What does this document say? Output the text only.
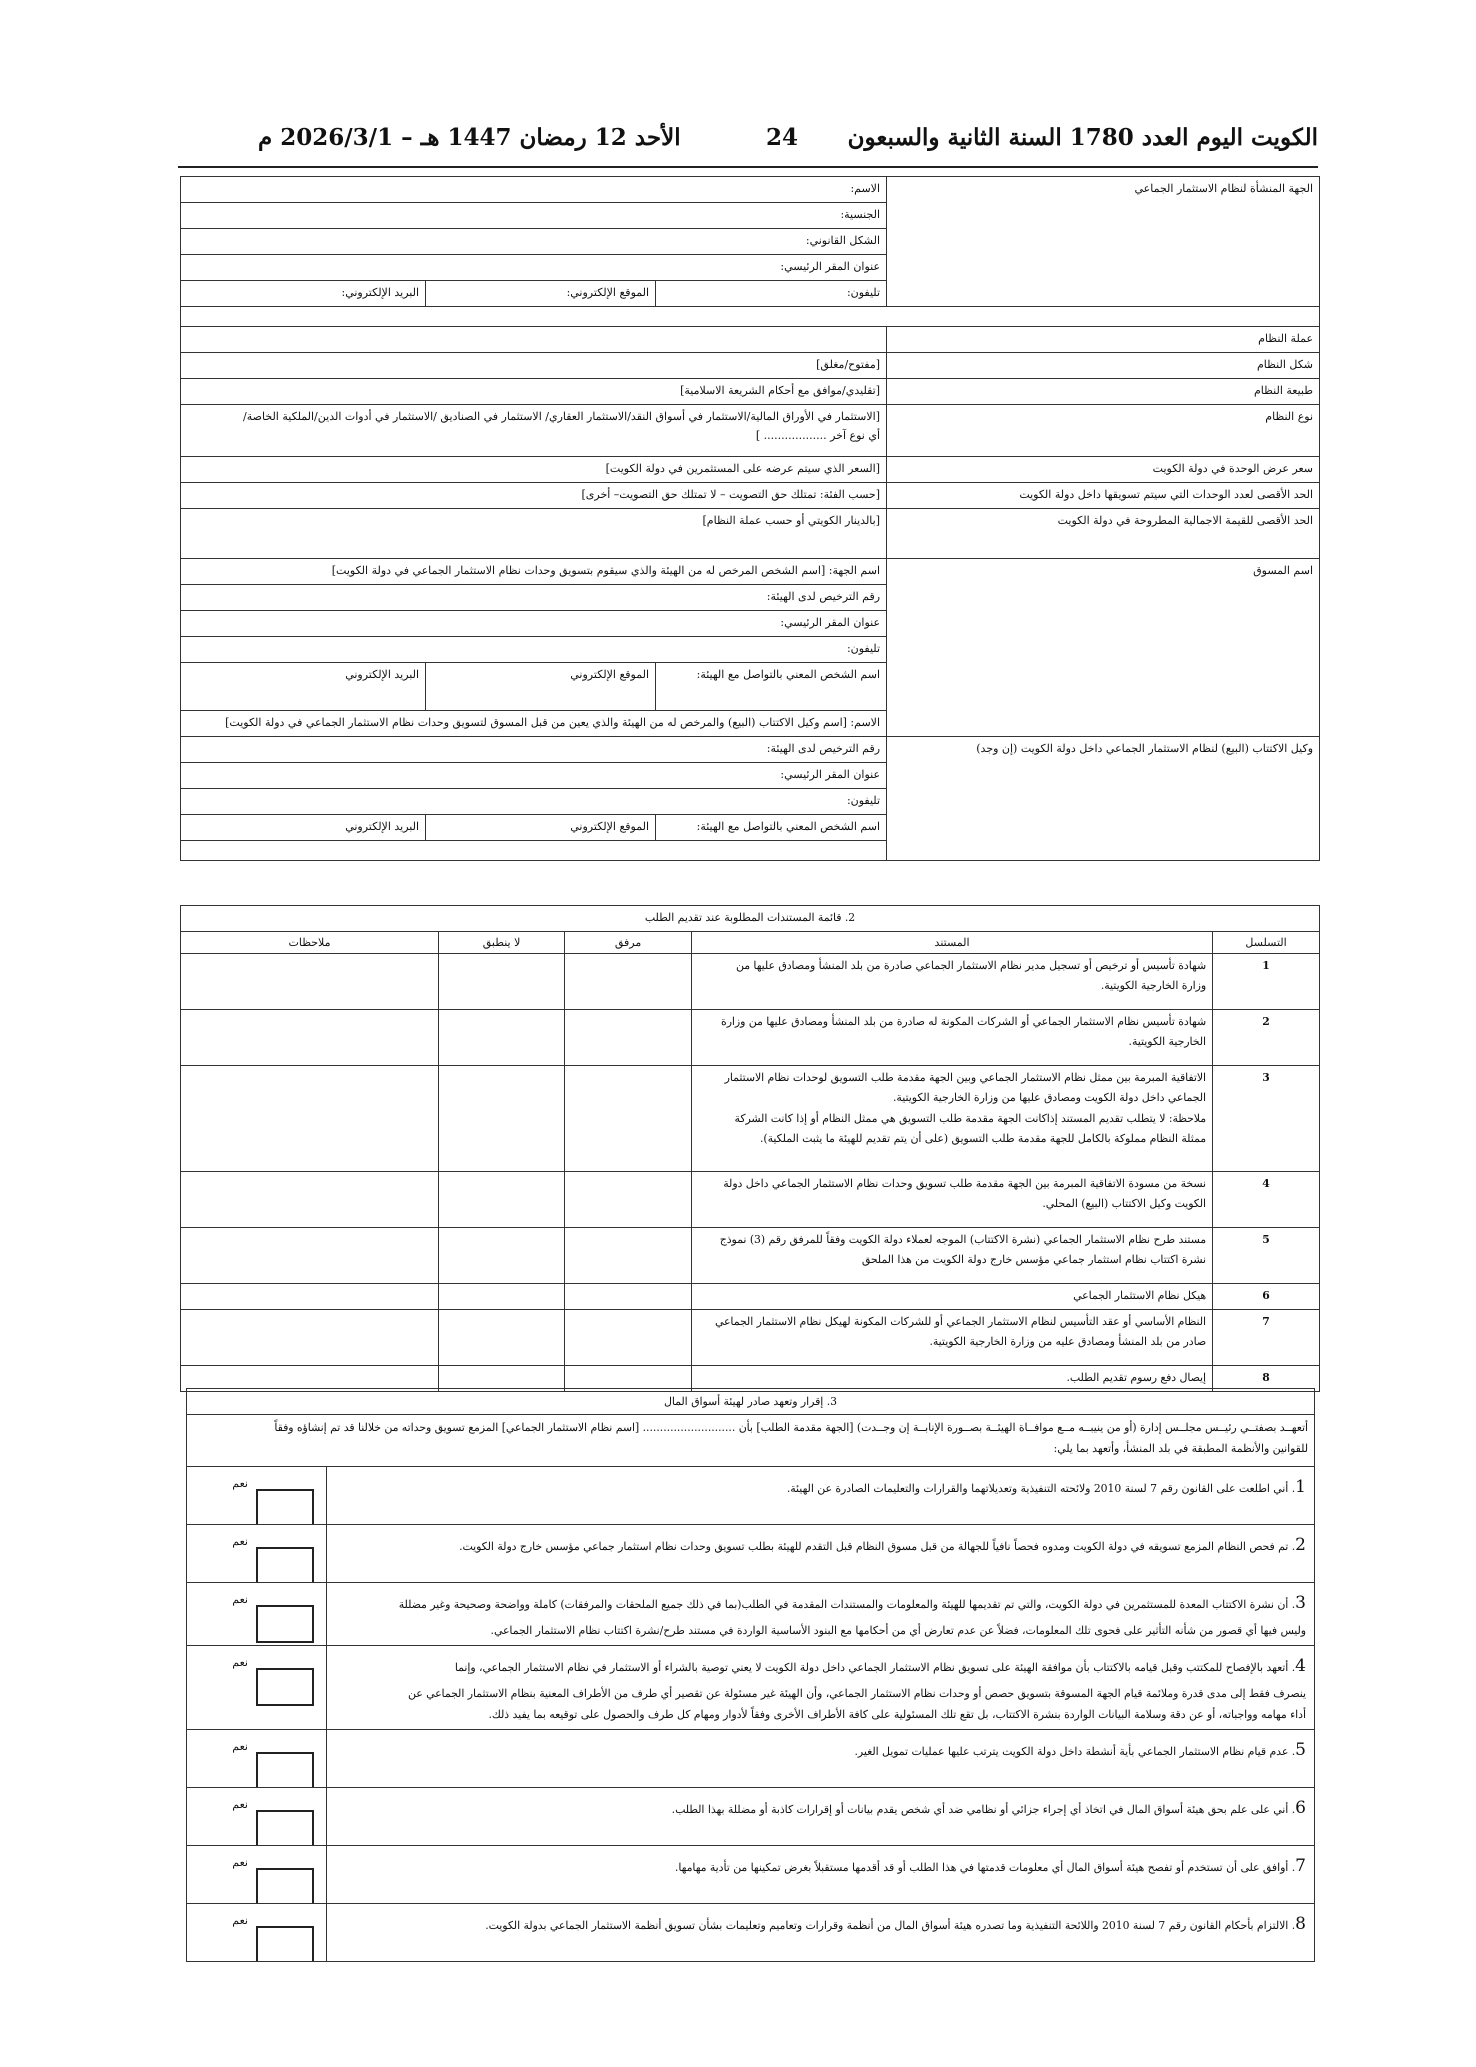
الكويت اليوم العدد 1780 السنة الثانية والسبعون
24
الأحد 12 رمضان 1447 هـ – 2026/3/1 م
الجهة المنشأة لنظام الاستثمار الجماعي	الاسم:		
	الجنسية:		
	الشكل القانوني:		
	عنوان المقر الرئيسي:		
	تليفون:	الموقع الإلكتروني:	البريد الإلكتروني:

عملة النظام			
شكل النظام	[مفتوح/مغلق]		
طبيعة النظام	[تقليدي/موافق مع أحكام الشريعة الاسلامية]		
نوع النظام	[الاستثمار في الأوراق المالية/الاستثمار في أسواق النقد/الاستثمار العقاري/ الاستثمار في الصناديق /الاستثمار في أدوات الدين/الملكية الخاصة/
أي نوع آخر .................. ]		

سعر عرض الوحدة في دولة الكويت	[السعر الذي سيتم عرضه على المستثمرين في دولة الكويت]		
الحد الأقصى لعدد الوحدات التي سيتم تسويقها داخل دولة الكويت	[حسب الفئة: تمتلك حق التصويت – لا تمتلك حق التصويت– أخرى]		
الحد الأقصى للقيمة الاجمالية المطروحة في دولة الكويت	[بالدينار الكويتي أو حسب عملة النظام]		
اسم المسوق	اسم الجهة: [اسم الشخص المرخص له من الهيئة والذي سيقوم بتسويق وحدات نظام الاستثمار الجماعي في دولة الكويت]		
	رقم الترخيص لدى الهيئة:		
	عنوان المقر الرئيسي:		
	تليفون:		
	اسم الشخص المعني بالتواصل مع الهيئة:	الموقع الإلكتروني	البريد الإلكتروني
	الاسم: [اسم وكيل الاكتتاب (البيع) والمرخص له من الهيئة والذي يعين من قبل المسوق لتسويق وحدات نظام الاستثمار الجماعي في دولة الكويت]		
وكيل الاكتتاب (البيع) لنظام الاستثمار الجماعي داخل دولة الكويت (إن وجد)	رقم الترخيص لدى الهيئة:		
	عنوان المقر الرئيسي:		
	تليفون:		
	اسم الشخص المعني بالتواصل مع الهيئة:	الموقع الإلكتروني	البريد الإلكتروني

2. قائمة المستندات المطلوبة عند تقديم الطلب				
التسلسل	المستند	مرفق	لا ينطبق	ملاحظات
1	شهادة تأسيس أو ترخيص أو تسجيل مدير نظام الاستثمار الجماعي صادرة من بلد المنشأ ومصادق عليها من
وزارة الخارجية الكويتية.			

2	شهادة تأسيس نظام الاستثمار الجماعي أو الشركات المكونة له صادرة من بلد المنشأ ومصادق عليها من وزارة
الخارجية الكويتية.			

3	الاتفاقية المبرمة بين ممثل نظام الاستثمار الجماعي وبين الجهة مقدمة طلب التسويق لوحدات نظام الاستثمار
الجماعي داخل دولة الكويت ومصادق عليها من وزارة الخارجية الكويتية.
ملاحظة: لا يتطلب تقديم المستند إذاكانت الجهة مقدمة طلب التسويق هي ممثل النظام أو إذا كانت الشركة
ممثلة النظام مملوكة بالكامل للجهة مقدمة طلب التسويق (على أن يتم تقديم للهيئة ما يثبت الملكية).			

4	نسخة من مسودة الاتفاقية المبرمة بين الجهة مقدمة طلب تسويق وحدات نظام الاستثمار الجماعي داخل دولة
الكويت وكيل الاكتتاب (البيع) المحلي.			

5	مستند طرح نظام الاستثمار الجماعي (نشرة الاكتتاب) الموجه لعملاء دولة الكويت وفقاً للمرفق رقم (3) نموذج
نشرة اكتتاب نظام استثمار جماعي مؤسس خارج دولة الكويت من هذا الملحق			

6	هيكل نظام الاستثمار الجماعي			
7	النظام الأساسي أو عقد التأسيس لنظام الاستثمار الجماعي أو للشركات المكونة لهيكل نظام الاستثمار الجماعي
صادر من بلد المنشأ ومصادق عليه من وزارة الخارجية الكويتية.			

8	إيصال دفع رسوم تقديم الطلب.			
3. إقرار وتعهد صادر لهيئة أسواق المال	

أتعهــد بصفتــي رئيــس مجلــس إدارة (أو من ينيبــه مــع موافــاة الهيئــة بصــورة الإنابــة إن وجــدت) [الجهة مقدمة الطلب] بأن ........................... [اسم نظام الاستثمار الجماعي] المزمع تسويق وحداته من خلالنا قد تم إنشاؤه وفقاً
للقوانين والأنظمة المطبقة في بلد المنشأ، وأتعهد بما يلي:	

1. أني اطلعت على القانون رقم 7 لسنة 2010 ولائحته التنفيذية وتعديلاتهما والقرارات والتعليمات الصادرة عن الهيئة.	نعم

2. تم فحص النظام المزمع تسويقه في دولة الكويت ومدوه فحصاً نافياً للجهالة من قبل مسوق النظام قبل التقدم للهيئة بطلب تسويق وحدات نظام استثمار جماعي مؤسس خارج دولة الكويت.	نعم

3. أن نشرة الاكتتاب المعدة للمستثمرين في دولة الكويت، والتي تم تقديمها للهيئة والمعلومات والمستندات المقدمة في الطلب(بما في ذلك جميع الملحقات والمرفقات) كاملة وواضحة وصحيحة وغير مضللة
وليس فيها أي قصور من شأنه التأثير على فحوى تلك المعلومات، فضلاً عن عدم تعارض أي من أحكامها مع البنود الأساسية الواردة في مستند طرح/نشرة اكتتاب نظام الاستثمار الجماعي.	نعم

4. أتعهد بالإفصاح للمكتتب وقبل قيامه بالاكتتاب بأن موافقة الهيئة على تسويق نظام الاستثمار الجماعي داخل دولة الكويت لا يعني توصية بالشراء أو الاستثمار في نظام الاستثمار الجماعي، وإنما
ينصرف فقط إلى مدى قدرة وملائمة قيام الجهة المسوقة بتسويق حصص أو وحدات نظام الاستثمار الجماعي، وأن الهيئة غير مسئولة عن تقصير أي طرف من الأطراف المعنية بنظام الاستثمار الجماعي عن
أداء مهامه وواجباته، أو عن دقة وسلامة البيانات الواردة بنشرة الاكتتاب، بل تقع تلك المسئولية على كافة الأطراف الأخرى وفقاً لأدوار ومهام كل طرف والحصول على توقيعه بما يفيد ذلك.	نعم

5. عدم قيام نظام الاستثمار الجماعي بأية أنشطة داخل دولة الكويت يترتب عليها عمليات تمويل الغير.	نعم

6. أني على علم بحق هيئة أسواق المال في اتخاذ أي إجراء جزائي أو نظامي ضد أي شخص يقدم بيانات أو إقرارات كاذبة أو مضللة بهذا الطلب.	نعم

7. أوافق على أن تستخدم أو تفصح هيئة أسواق المال أي معلومات قدمتها في هذا الطلب أو قد أقدمها مستقبلاً بغرض تمكينها من تأدية مهامها.	نعم

8. الالتزام بأحكام القانون رقم 7 لسنة 2010 واللائحة التنفيذية وما تصدره هيئة أسواق المال من أنظمة وقرارات وتعاميم وتعليمات بشأن تسويق أنظمة الاستثمار الجماعي بدولة الكويت.	نعم
